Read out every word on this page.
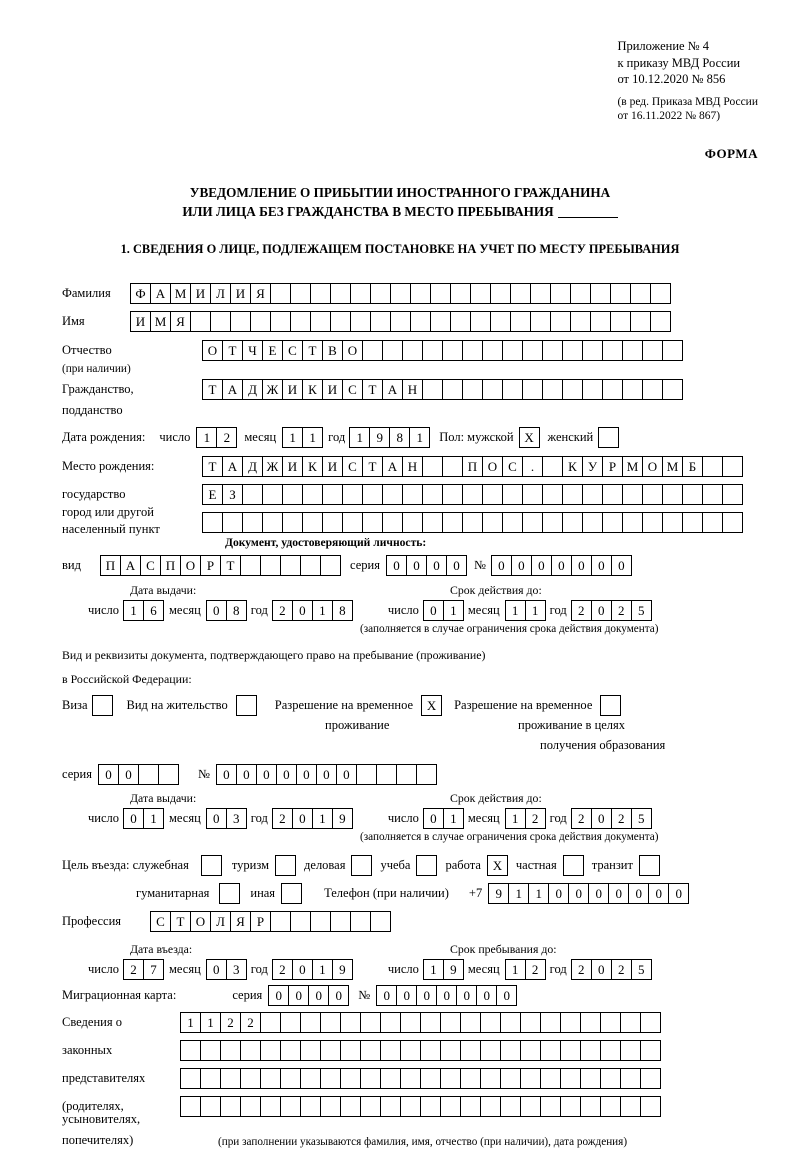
Приложение № 4
к приказу МВД России
от 10.12.2020 № 856
(в ред. Приказа МВД России
от 16.11.2022 № 867)
ФОРМА
УВЕДОМЛЕНИЕ О ПРИБЫТИИ ИНОСТРАННОГО ГРАЖДАНИНА
ИЛИ ЛИЦА БЕЗ ГРАЖДАНСТВА В МЕСТО ПРЕБЫВАНИЯ
1. СВЕДЕНИЯ О ЛИЦЕ, ПОДЛЕЖАЩЕМ ПОСТАНОВКЕ НА УЧЕТ ПО МЕСТУ ПРЕБЫВАНИЯ
Фамилия	Ф А М И Л И Я
Имя	И М Я
Отчество	О Т Ч Е С Т В О
(при наличии)
Гражданство,	Т А Д Ж И К И С Т А Н
подданство
Дата рождения: число	1	2	месяц	1	1 год 1	9	8	1	Пол: мужской X	женский
Место рождения:	Т А Д Ж И К И С Т А Н	П О С	.	К У Р М О М Б
государство	Е З
город или другой
населенный пункт
Документ, удостоверяющий личность:
вид	П А С П О Р Т	серия	0	0	0	0	№ 0	0	0	0	0	0	0
Дата выдачи:	Срок действия до:
число 1	6 месяц 0	8 год 2	0	1	8	число 0	1 месяц 1	1 год 2	0	2	5
(заполняется в случае ограничения срока действия документа)
Вид и реквизиты документа, подтверждающего право на пребывание (проживание)
в Российской Федерации:
Виза	Вид на жительство	Разрешение на временное	X	Разрешение на временное
проживание	проживание в целях
получения образования
серия	0	0	№	0	0	0	0	0	0	0
Дата выдачи:	Срок действия до:
число 0	1 месяц 0	3 год 2	0	1	9	число 0	1 месяц 1	2 год 2	0	2	5
(заполняется в случае ограничения срока действия документа)
Цель въезда: служебная	туризм	деловая	учеба	работа X	частная	транзит
гуманитарная	иная	Телефон (при наличии) +7	9	1	1	0	0	0	0	0	0	0
Профессия	С Т О Л Я Р
Дата въезда:	Срок пребывания до:
число 2	7 месяц 0	3 год 2	0	1	9	число 1	9 месяц 1	2 год 2	0	2	5
Миграционная карта:	серия	0	0	0	0	№	0	0	0	0	0	0	0
Сведения о	1	1	2	2
законных
представителях
(родителях,
усыновителях,
попечителях)	(при заполнении указываются фамилия, имя, отчество (при наличии), дата рождения)
